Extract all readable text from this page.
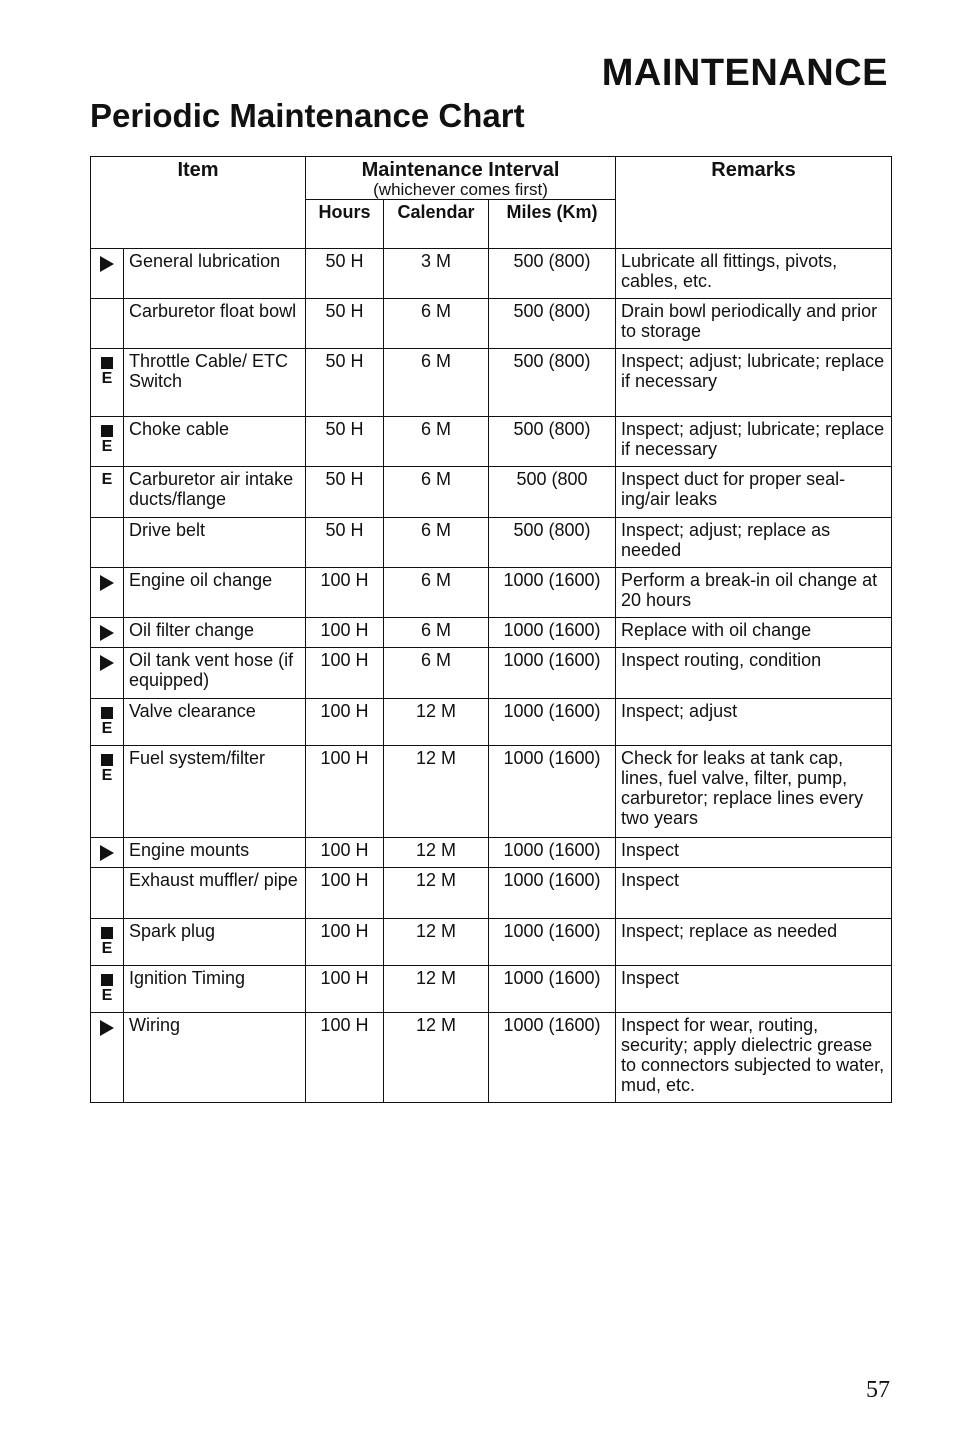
MAINTENANCE
Periodic Maintenance Chart
Item		Maintenance Interval
(whichever comes first)			Remarks
		Hours	Calendar	Miles (Km)	
	General lubrication	50 H	3 M	500 (800)	Lubricate all fittings, pivots, cables, etc.
	Carburetor float bowl	50 H	6 M	500 (800)	Drain bowl periodically and prior to storage

E	Throttle Cable/ ETC Switch	50 H	6 M	500 (800)	Inspect; adjust; lubricate; replace if necessary

E	Choke cable	50 H	6 M	500 (800)	Inspect; adjust; lubricate; replace if necessary

E	Carburetor air intake ducts/flange	50 H	6 M	500 (800	Inspect duct for proper seal-ing/air leaks
	Drive belt	50 H	6 M	500 (800)	Inspect; adjust; replace as needed
	Engine oil change	100 H	6 M	1000 (1600)	Perform a break-in oil change at 20 hours
	Oil filter change	100 H	6 M	1000 (1600)	Replace with oil change
	Oil tank vent hose (if equipped)	100 H	6 M	1000 (1600)	Inspect routing, condition

E	Valve clearance	100 H	12 M	1000 (1600)	Inspect; adjust

E	Fuel system/filter	100 H	12 M	1000 (1600)	Check for leaks at tank cap, lines, fuel valve, filter, pump, carburetor; replace lines every two years
	Engine mounts	100 H	12 M	1000 (1600)	Inspect
	Exhaust muffler/ pipe	100 H	12 M	1000 (1600)	Inspect

E	Spark plug	100 H	12 M	1000 (1600)	Inspect; replace as needed

E	Ignition Timing	100 H	12 M	1000 (1600)	Inspect
	Wiring	100 H	12 M	1000 (1600)	Inspect for wear, routing, security; apply dielectric grease to connectors subjected to water, mud, etc.
57
